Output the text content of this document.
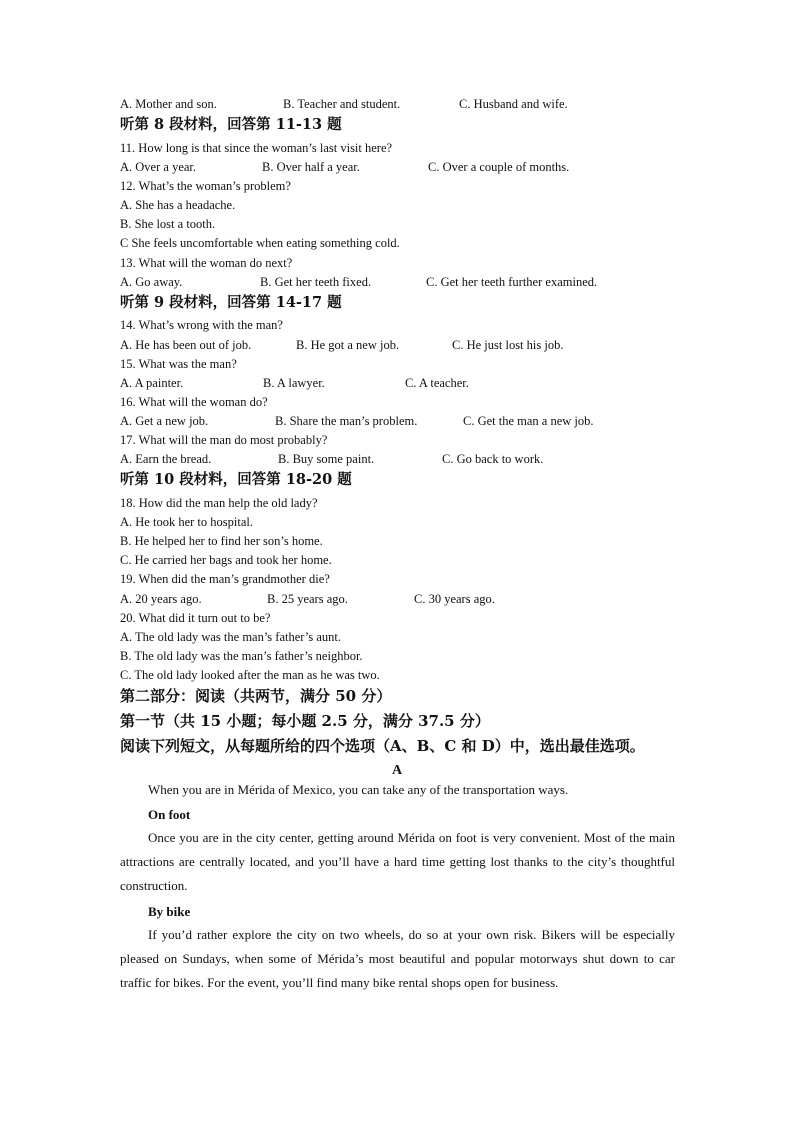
A. Mother and son.	B. Teacher and student.	C. Husband and wife.
听第 8 段材料，回答第 11-13 题
11. How long is that since the woman’s last visit here?
A. Over a year.	B. Over half a year.	C. Over a couple of months.
12. What’s the woman’s problem?
A. She has a headache.
B. She lost a tooth.
C She feels uncomfortable when eating something cold.
13. What will the woman do next?
A. Go away.	B. Get her teeth fixed.	C. Get her teeth further examined.
听第 9 段材料，回答第 14-17 题
14. What’s wrong with the man?
A. He has been out of job.	B. He got a new job.	C. He just lost his job.
15. What was the man?
A. A painter.	B. A lawyer.	C. A teacher.
16. What will the woman do?
A. Get a new job.	B. Share the man’s problem.	C. Get the man a new job.
17. What will the man do most probably?
A. Earn the bread.	B. Buy some paint.	C. Go back to work.
听第 10 段材料，回答第 18-20 题
18. How did the man help the old lady?
A. He took her to hospital.
B. He helped her to find her son’s home.
C. He carried her bags and took her home.
19. When did the man’s grandmother die?
A. 20 years ago.	B. 25 years ago.	C. 30 years ago.
20. What did it turn out to be?
A. The old lady was the man’s father’s aunt.
B. The old lady was the man’s father’s neighbor.
C. The old lady looked after the man as he was two.
第二部分：阅读（共两节，满分 50 分）
第一节（共 15 小题；每小题 2.5 分，满分 37.5 分）
阅读下列短文，从每题所给的四个选项（A、B、C 和 D）中，选出最佳选项。
A
When you are in Mérida of Mexico, you can take any of the transportation ways.
On foot
Once you are in the city center, getting around Mérida on foot is very convenient. Most of the main attractions are centrally located, and you’ll have a hard time getting lost thanks to the city’s thoughtful construction.
By bike
If you’d rather explore the city on two wheels, do so at your own risk. Bikers will be especially pleased on Sundays, when some of Mérida’s most beautiful and popular motorways shut down to car traffic for bikes. For the event, you’ll find many bike rental shops open for business.
